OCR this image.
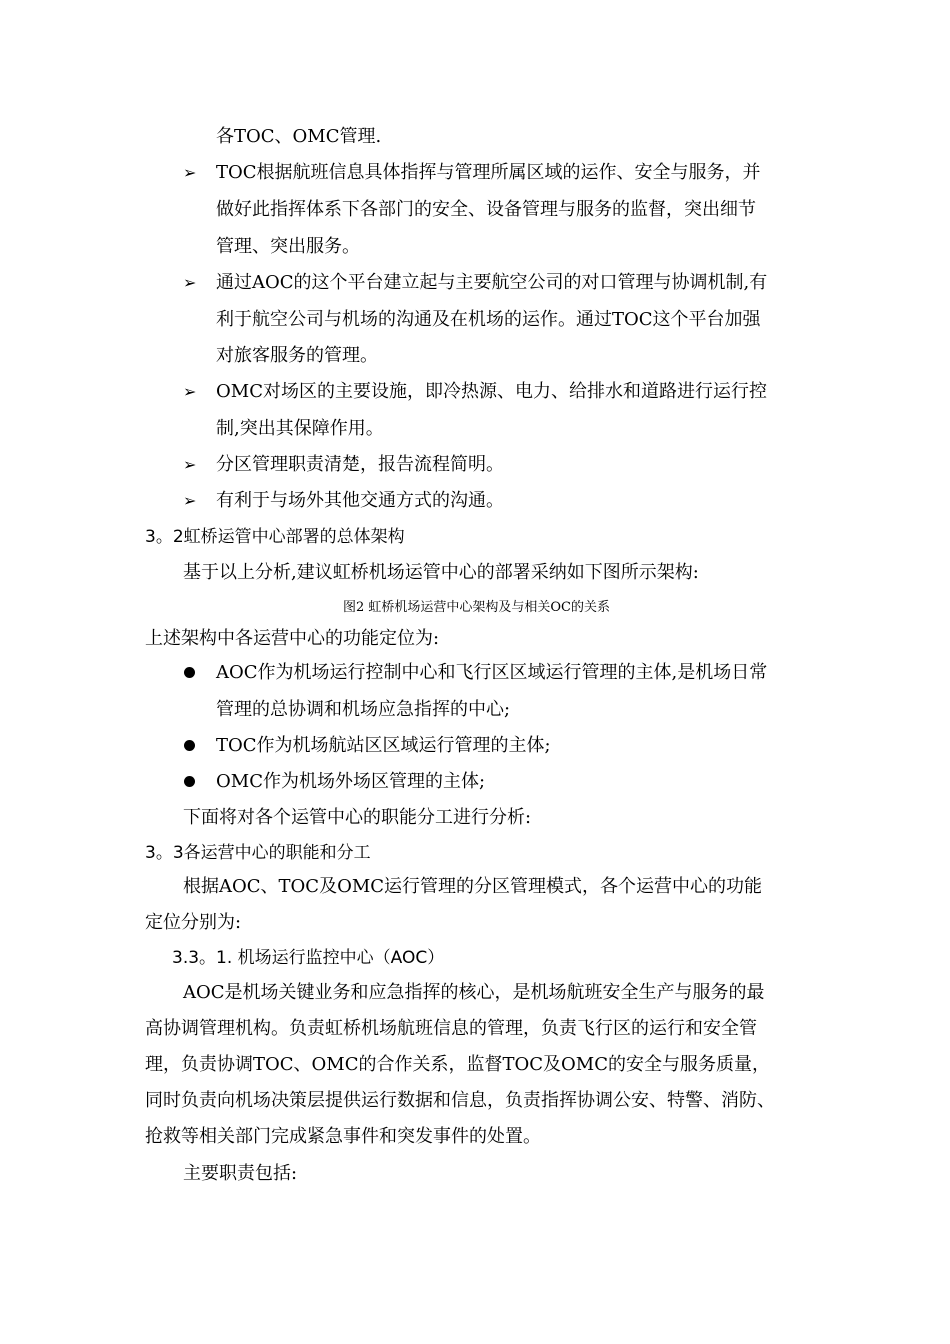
各TOC、OMC管理.
➢ TOC根据航班信息具体指挥与管理所属区域的运作、安全与服务，并
做好此指挥体系下各部门的安全、设备管理与服务的监督，突出细节
管理、突出服务。
➢ 通过AOC的这个平台建立起与主要航空公司的对口管理与协调机制,有
利于航空公司与机场的沟通及在机场的运作。通过TOC这个平台加强
对旅客服务的管理。
➢ OMC对场区的主要设施，即冷热源、电力、给排水和道路进行运行控
制,突出其保障作用。
➢ 分区管理职责清楚，报告流程简明。
➢ 有利于与场外其他交通方式的沟通。
3。2虹桥运管中心部署的总体架构
基于以上分析,建议虹桥机场运管中心的部署采纳如下图所示架构:
图2 虹桥机场运营中心架构及与相关OC的关系
上述架构中各运营中心的功能定位为:
AOC作为机场运行控制中心和飞行区区域运行管理的主体,是机场日常
管理的总协调和机场应急指挥的中心;
TOC作为机场航站区区域运行管理的主体;
OMC作为机场外场区管理的主体;
下面将对各个运管中心的职能分工进行分析:
3。3各运营中心的职能和分工
根据AOC、TOC及OMC运行管理的分区管理模式，各个运营中心的功能
定位分别为:
3.3。1. 机场运行监控中心（AOC）
AOC是机场关键业务和应急指挥的核心，是机场航班安全生产与服务的最
高协调管理机构。负责虹桥机场航班信息的管理，负责飞行区的运行和安全管
理，负责协调TOC、OMC的合作关系，监督TOC及OMC的安全与服务质量，
同时负责向机场决策层提供运行数据和信息，负责指挥协调公安、特警、消防、
抢救等相关部门完成紧急事件和突发事件的处置。
主要职责包括:
